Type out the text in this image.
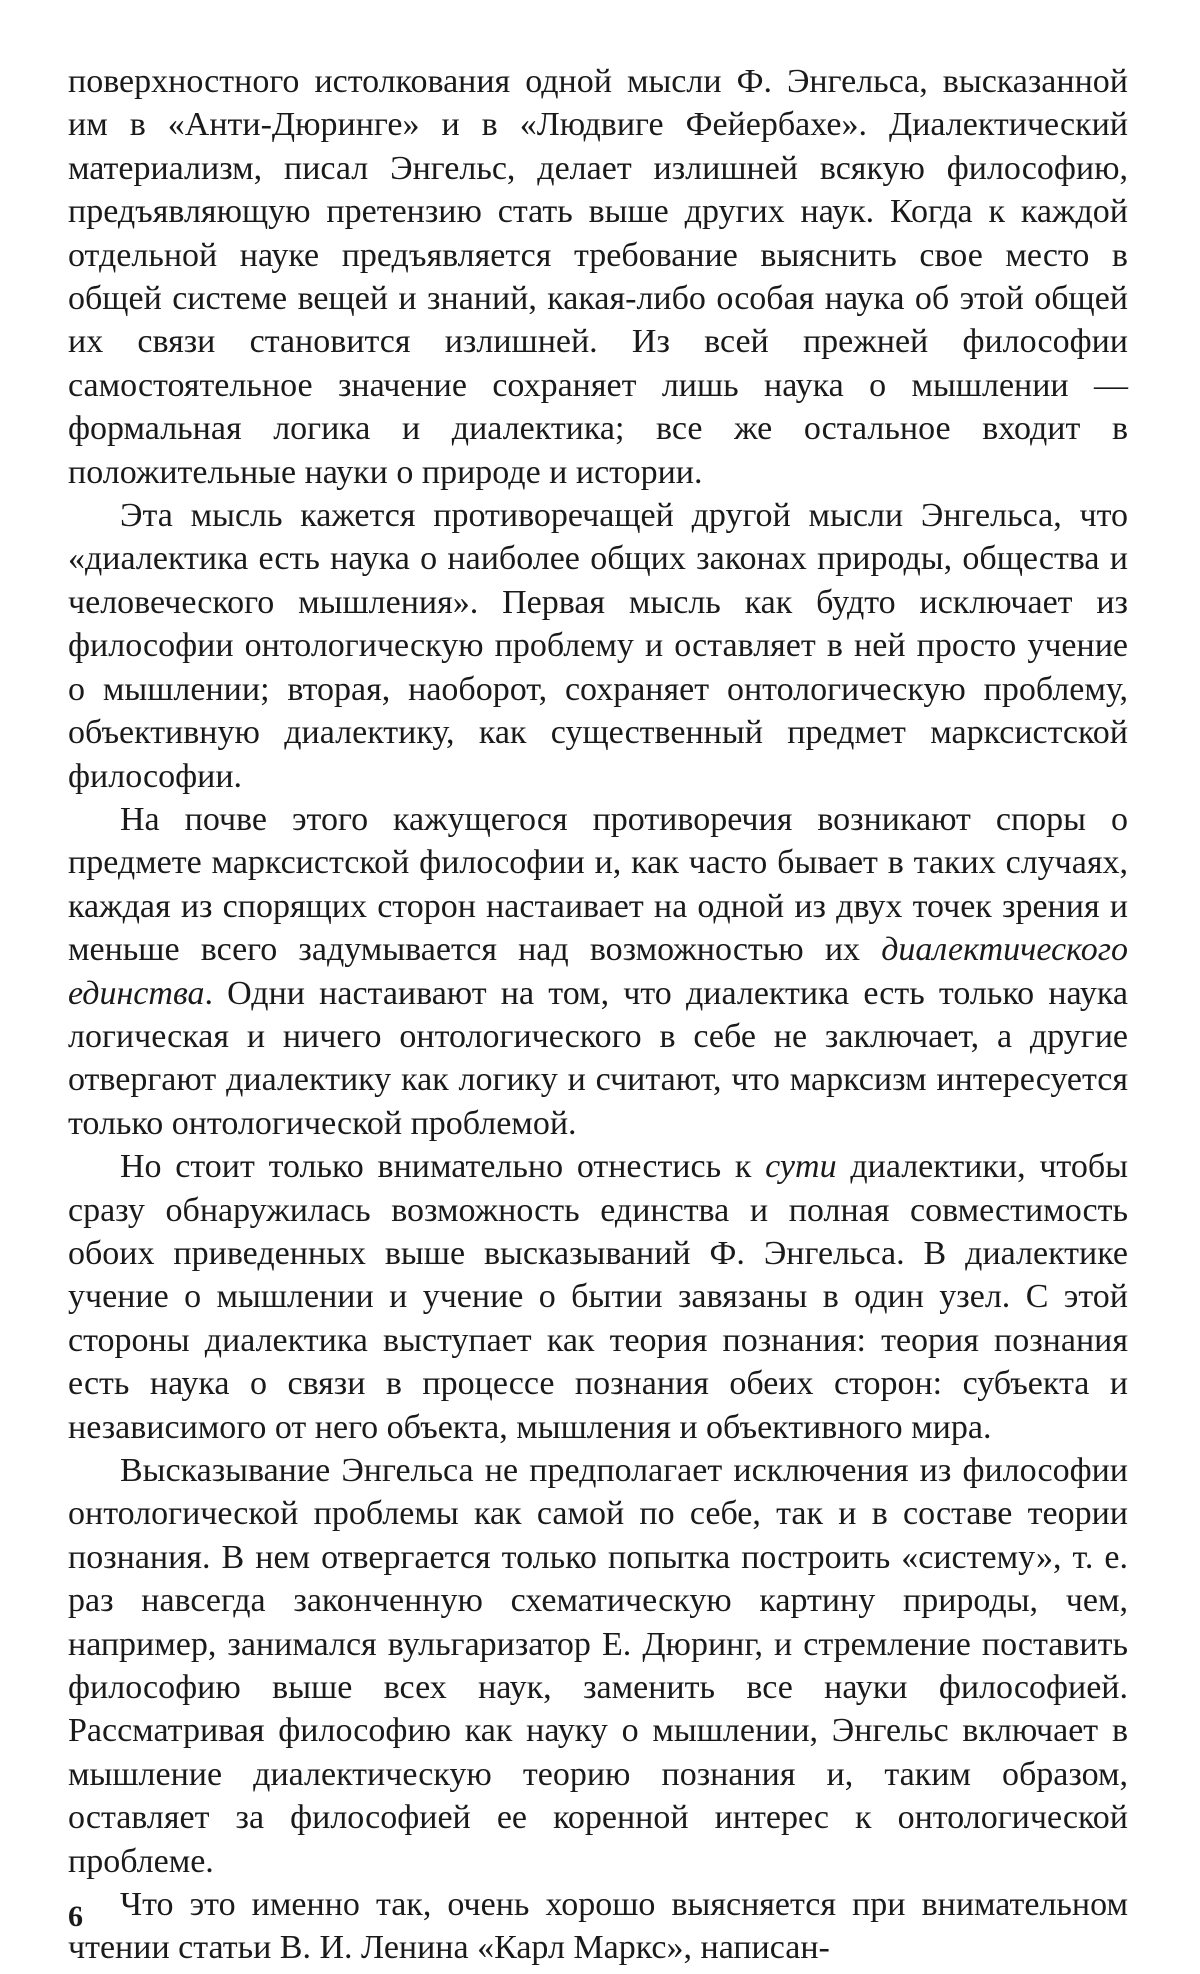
поверхностного истолкования одной мысли Ф. Энгельса, высказанной им в «Анти-Дюринге» и в «Людвиге Фейербахе». Диалектический материализм, писал Энгельс, делает излишней всякую философию, предъявляющую претензию стать выше других наук. Когда к каждой отдельной науке предъявляется требование выяснить свое место в общей системе вещей и знаний, какая-либо особая наука об этой общей их связи становится излишней. Из всей прежней философии самостоятельное значение сохраняет лишь наука о мышлении — формальная логика и диалектика; все же остальное входит в положительные науки о природе и истории.

Эта мысль кажется противоречащей другой мысли Энгельса, что «диалектика есть наука о наиболее общих законах природы, общества и человеческого мышления». Первая мысль как будто исключает из философии онтологическую проблему и оставляет в ней просто учение о мышлении; вторая, наоборот, сохраняет онтологическую проблему, объективную диалектику, как существенный предмет марксистской философии.

На почве этого кажущегося противоречия возникают споры о предмете марксистской философии и, как часто бывает в таких случаях, каждая из спорящих сторон настаивает на одной из двух точек зрения и меньше всего задумывается над возможностью их диалектического единства. Одни настаивают на том, что диалектика есть только наука логическая и ничего онтологического в себе не заключает, а другие отвергают диалектику как логику и считают, что марксизм интересуется только онтологической проблемой.

Но стоит только внимательно отнестись к сути диалектики, чтобы сразу обнаружилась возможность единства и полная совместимость обоих приведенных выше высказываний Ф. Энгельса. В диалектике учение о мышлении и учение о бытии завязаны в один узел. С этой стороны диалектика выступает как теория познания: теория познания есть наука о связи в процессе познания обеих сторон: субъекта и независимого от него объекта, мышления и объективного мира.

Высказывание Энгельса не предполагает исключения из философии онтологической проблемы как самой по себе, так и в составе теории познания. В нем отвергается только попытка построить «систему», т. е. раз навсегда законченную схематическую картину природы, чем, например, занимался вульгаризатор Е. Дюринг, и стремление поставить философию выше всех наук, заменить все науки философией. Рассматривая философию как науку о мышлении, Энгельс включает в мышление диалектическую теорию познания и, таким образом, оставляет за философией ее коренной интерес к онтологической проблеме.

Что это именно так, очень хорошо выясняется при внимательном чтении статьи В. И. Ленина «Карл Маркс», написан-

6
